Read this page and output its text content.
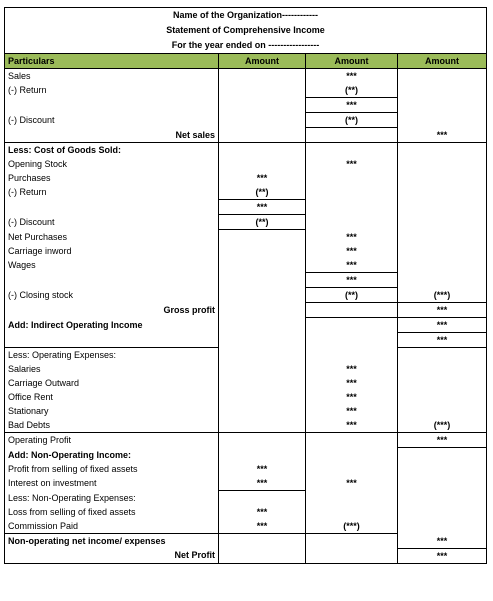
Name of the Organization------------
Statement of Comprehensive Income
For the year ended on -----------------
Particulars	Amount	Amount	Amount
Sales		***	
(-) Return		(**)	
		***	
(-) Discount		(**)	
Net sales			***
Less: Cost of Goods Sold:			
Opening Stock		***	
Purchases	***		
(-) Return	(**)		
	***		
(-) Discount	(**)		
Net Purchases		***	
Carriage inword		***	
Wages		***	
		***	
(-) Closing stock		(**)	(***)
Gross profit			***
Add: Indirect Operating Income			***
			***
Less: Operating Expenses:			
Salaries		***	
Carriage Outward		***	
Office Rent		***	
Stationary		***	
Bad Debts		***	(***)
Operating Profit			***
Add: Non-Operating Income:			
Profit from selling of fixed assets	***		
Interest on investment	***	***	
Less: Non-Operating Expenses:			
Loss from selling of fixed assets	***		
Commission Paid	***	(***)	
Non-operating net income/ expenses			***
Net Profit			***
